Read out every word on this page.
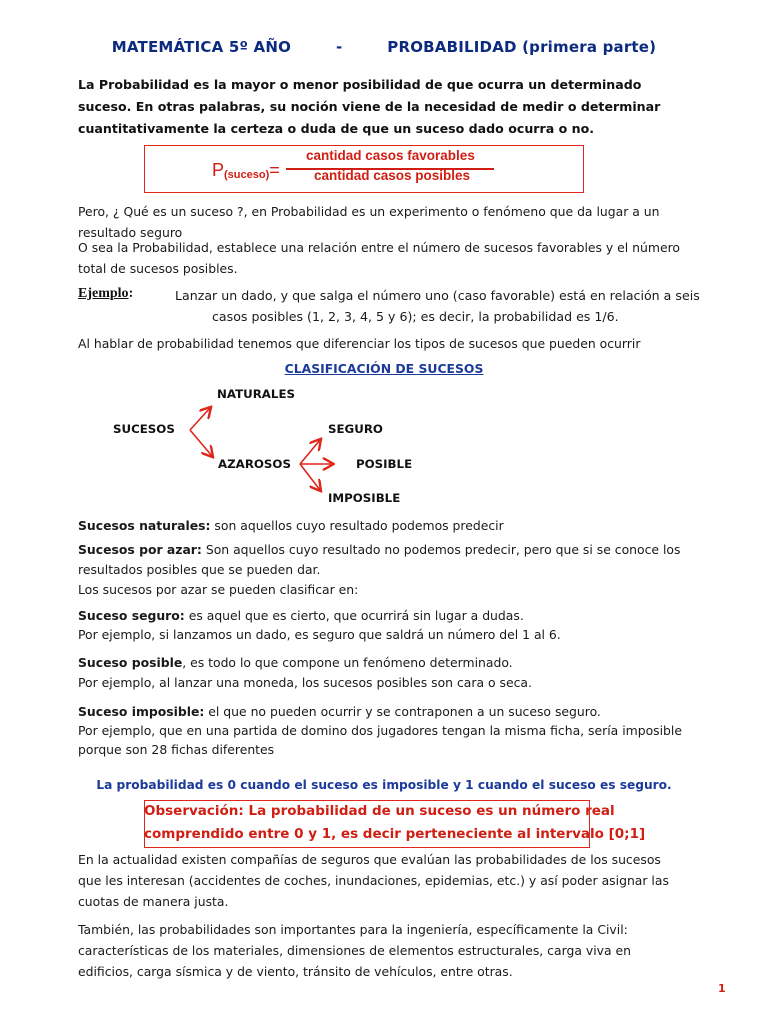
MATEMÁTICA 5º AÑO	-	PROBABILIDAD (primera parte)
La Probabilidad es la mayor o menor posibilidad de que ocurra un determinado suceso. En otras palabras, su noción viene de la necesidad de medir o determinar cuantitativamente la certeza o duda de que un suceso dado ocurra o no.
P(suceso)=
cantidad casos favorables
cantidad casos posibles
Pero, ¿ Qué es un suceso ?, en Probabilidad es un experimento o fenómeno que da lugar a un resultado seguro
O sea la Probabilidad, establece una relación entre el número de sucesos favorables y el número total de sucesos posibles.
Ejemplo:	Lanzar un dado, y que salga el número uno (caso favorable) está en relación a seis
casos posibles (1, 2, 3, 4, 5 y 6); es decir, la probabilidad es 1/6.
Al hablar de probabilidad tenemos que diferenciar los tipos de sucesos que pueden ocurrir
CLASIFICACIÓN DE SUCESOS
NATURALES
SUCESOS	SEGURO
AZAROSOS	POSIBLE
IMPOSIBLE
Sucesos naturales: son aquellos cuyo resultado podemos predecir
Sucesos por azar: Son aquellos cuyo resultado no podemos predecir, pero que si se conoce los
resultados posibles que se pueden dar.
Los sucesos por azar se pueden clasificar en:
Suceso seguro: es aquel que es cierto, que ocurrirá sin lugar a dudas.
Por ejemplo, si lanzamos un dado, es seguro que saldrá un número del 1 al 6.
Suceso posible, es todo lo que compone un fenómeno determinado.
Por ejemplo, al lanzar una moneda, los sucesos posibles son cara o seca.
Suceso imposible: el que no pueden ocurrir y se contraponen a un suceso seguro.
Por ejemplo, que en una partida de domino dos jugadores tengan la misma ficha, sería imposible
porque son 28 fichas diferentes
La probabilidad es 0 cuando el suceso es imposible y 1 cuando el suceso es seguro.
Observación: La probabilidad de un suceso es un número real
comprendido entre 0 y 1, es decir perteneciente al intervalo [0;1]
En la actualidad existen compañías de seguros que evalúan las probabilidades de los sucesos que les interesan (accidentes de coches, inundaciones, epidemias, etc.) y así poder asignar las cuotas de manera justa.
También, las probabilidades son importantes para la ingeniería, específicamente la Civil: características de los materiales, dimensiones de elementos estructurales, carga viva en edificios, carga sísmica y de viento, tránsito de vehículos, entre otras.
1
